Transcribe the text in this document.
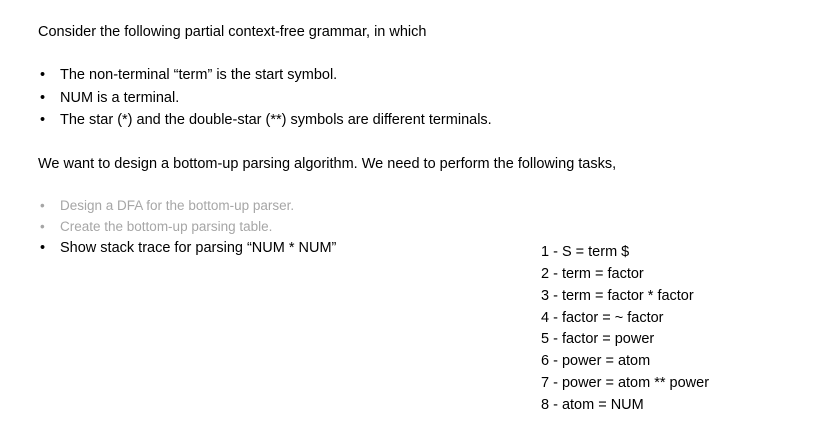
Consider the following partial context-free grammar, in which
• The non-terminal “term” is the start symbol.
• NUM is a terminal.
• The star (*) and the double-star (**) symbols are different terminals.
We want to design a bottom-up parsing algorithm. We need to perform the following tasks,
• Design a DFA for the bottom-up parser.
• Create the bottom-up parsing table.
• Show stack trace for parsing “NUM * NUM”	1 - S = term $
2 - term = factor
3 - term = factor * factor
4 - factor = ~ factor
5 - factor = power
6 - power = atom
7 - power = atom ** power
8 - atom = NUM
